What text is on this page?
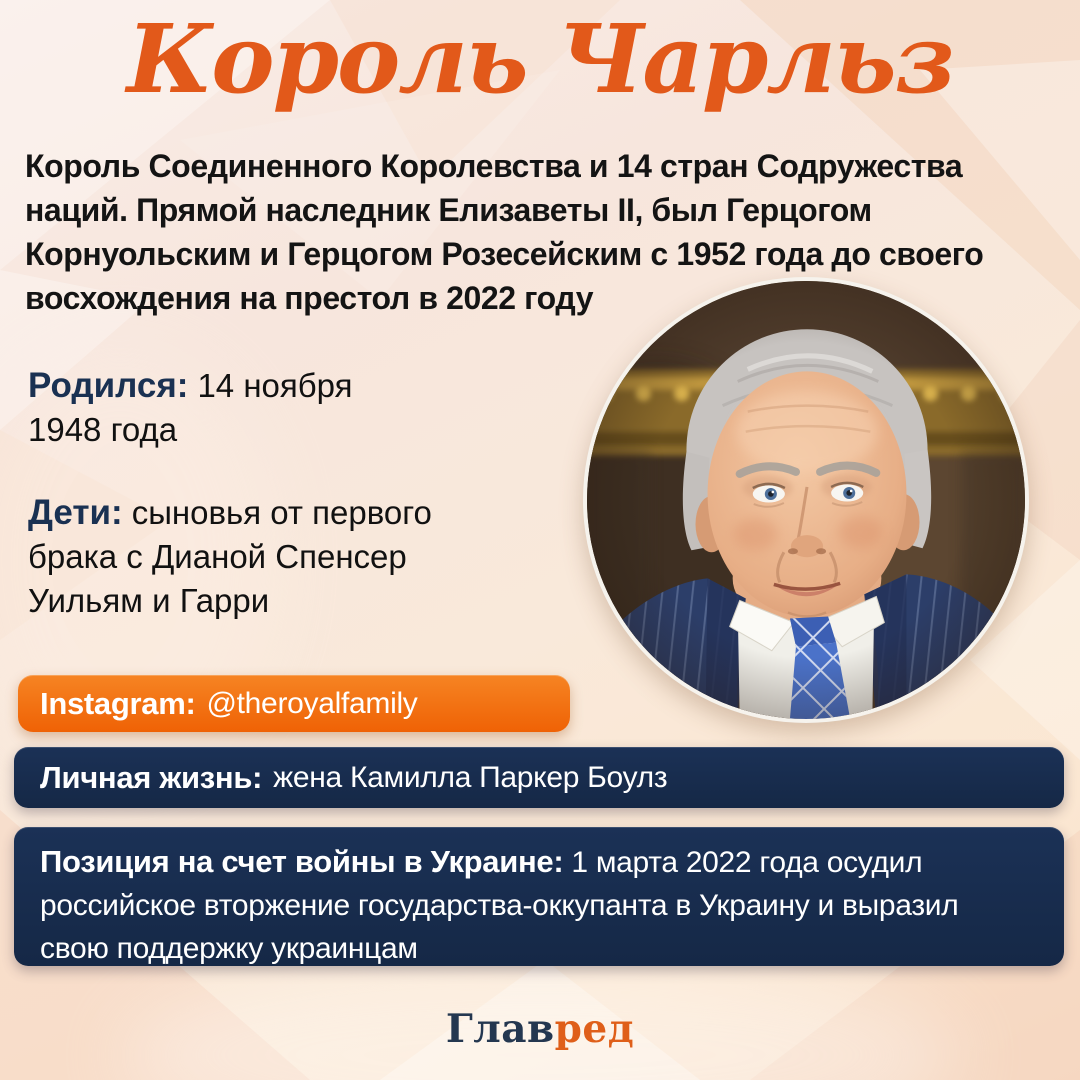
Король Чарльз

Король Соединенного Королевства и 14 стран Содружества наций. Прямой наследник Елизаветы II, был Герцогом Корнуольским и Герцогом Розесейским с 1952 года до своего восхождения на престол в 2022 году

Родился: 14 ноября 1948 года
Дети: сыновья от первого брака с Дианой Спенсер Уильям и Гарри
Instagram: @theroyalfamily
Личная жизнь: жена Камилла Паркер Боулз
Позиция на счет войны в Украине: 1 марта 2022 года осудил российское вторжение государства-оккупанта в Украину и выразил свою поддержку украинцам

Главред
